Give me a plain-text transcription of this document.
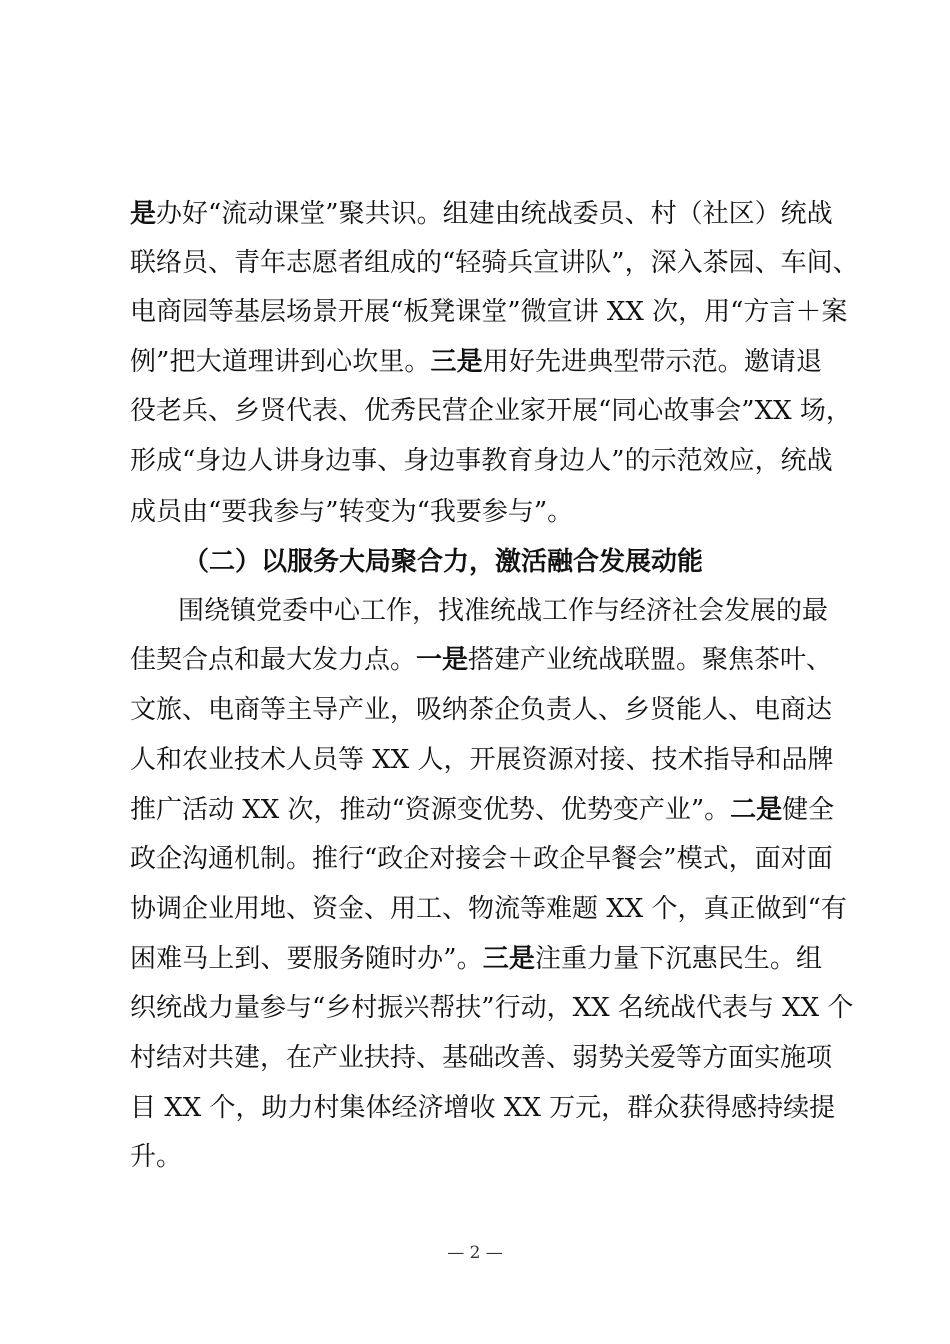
是办好“流动课堂”聚共识。组建由统战委员、村（社区）统战
联络员、青年志愿者组成的“轻骑兵宣讲队”，深入茶园、车间、
电商园等基层场景开展“板凳课堂”微宣讲 XX 次，用“方言＋案
例”把大道理讲到心坎里。三是用好先进典型带示范。邀请退
役老兵、乡贤代表、优秀民营企业家开展“同心故事会”XX 场，
形成“身边人讲身边事、身边事教育身边人”的示范效应，统战
成员由“要我参与”转变为“我要参与”。
（二）以服务大局聚合力，激活融合发展动能
围绕镇党委中心工作，找准统战工作与经济社会发展的最
佳契合点和最大发力点。一是搭建产业统战联盟。聚焦茶叶、
文旅、电商等主导产业，吸纳茶企负责人、乡贤能人、电商达
人和农业技术人员等 XX 人，开展资源对接、技术指导和品牌
推广活动 XX 次，推动“资源变优势、优势变产业”。二是健全
政企沟通机制。推行“政企对接会＋政企早餐会”模式，面对面
协调企业用地、资金、用工、物流等难题 XX 个，真正做到“有
困难马上到、要服务随时办”。三是注重力量下沉惠民生。组
织统战力量参与“乡村振兴帮扶”行动，XX 名统战代表与 XX 个
村结对共建，在产业扶持、基础改善、弱势关爱等方面实施项
目 XX 个，助力村集体经济增收 XX 万元，群众获得感持续提
升。
— 2 —
